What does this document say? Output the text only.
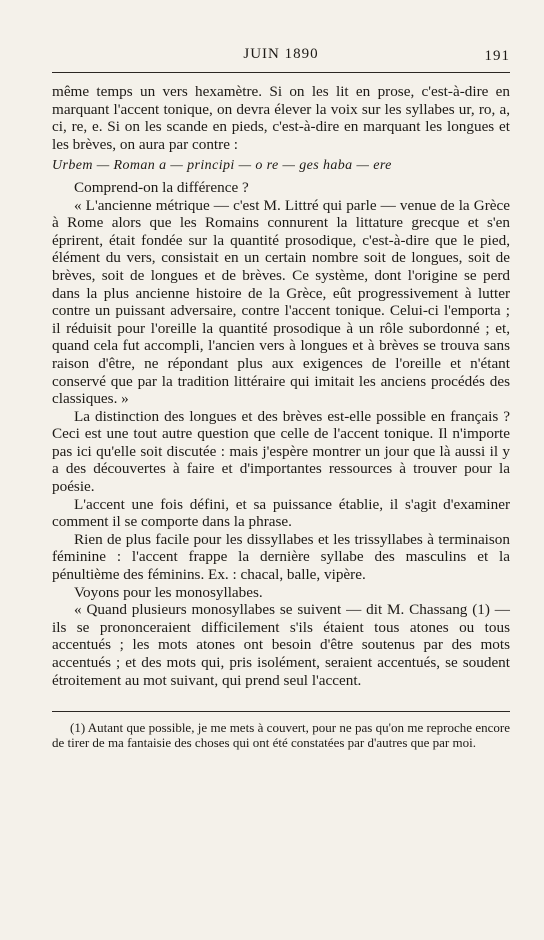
JUIN 1890	191

même temps un vers hexamètre. Si on les lit en prose, c'est-à-dire en marquant l'accent tonique, on devra élever la voix sur les syllabes ur, ro, a, ci, re, e. Si on les scande en pieds, c'est-à-dire en marquant les longues et les brèves, on aura par contre :

Urbem — Roman a — principi — o re — ges haba — ere

Comprend-on la différence ?

« L'ancienne métrique — c'est M. Littré qui parle — venue de la Grèce à Rome alors que les Romains connurent la littature grecque et s'en éprirent, était fondée sur la quantité prosodique, c'est-à-dire que le pied, élément du vers, consistait en un certain nombre soit de longues, soit de brèves, soit de longues et de brèves. Ce système, dont l'origine se perd dans la plus ancienne histoire de la Grèce, eût progressivement à lutter contre un puissant adversaire, contre l'accent tonique. Celui-ci l'emporta ; il réduisit pour l'oreille la quantité prosodique à un rôle subordonné ; et, quand cela fut accompli, l'ancien vers à longues et à brèves se trouva sans raison d'être, ne répondant plus aux exigences de l'oreille et n'étant conservé que par la tradition littéraire qui imitait les anciens procédés des classiques. »

La distinction des longues et des brèves est-elle possible en français ? Ceci est une tout autre question que celle de l'accent tonique. Il n'importe pas ici qu'elle soit discutée : mais j'espère montrer un jour que là aussi il y a des découvertes à faire et d'importantes ressources à trouver pour la poésie.

L'accent une fois défini, et sa puissance établie, il s'agit d'examiner comment il se comporte dans la phrase.

Rien de plus facile pour les dissyllabes et les trissyllabes à terminaison féminine : l'accent frappe la dernière syllabe des masculins et la pénultième des féminins. Ex. : chacal, balle, vipère.

Voyons pour les monosyllabes.

« Quand plusieurs monosyllabes se suivent — dit M. Chassang (1) — ils se prononceraient difficilement s'ils étaient tous atones ou tous accentués ; les mots atones ont besoin d'être soutenus par des mots accentués ; et des mots qui, pris isolément, seraient accentués, se soudent étroitement au mot suivant, qui prend seul l'accent.

(1) Autant que possible, je me mets à couvert, pour ne pas qu'on me reproche encore de tirer de ma fantaisie des choses qui ont été constatées par d'autres que par moi.
